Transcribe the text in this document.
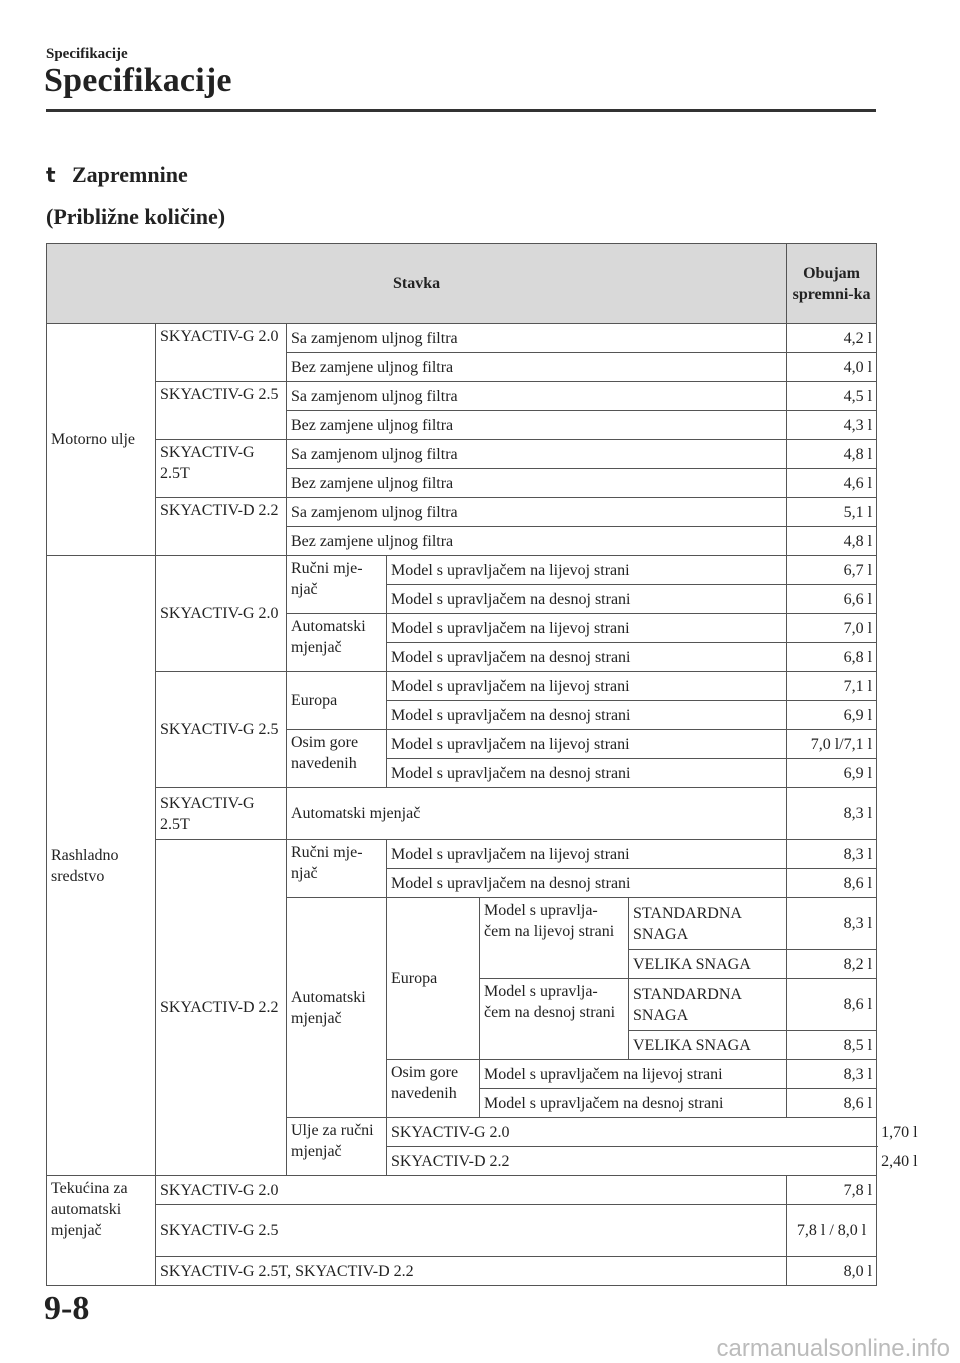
Specifikacije
Specifikacije
t Zapremnine
(Približne količine)
Stavka						Obujam spremni-ka	
Motorno ulje	SKYACTIV-G 2.0	Sa zamjenom uljnog filtra				4,2 l	
		Bez zamjene uljnog filtra				4,0 l	
	SKYACTIV-G 2.5	Sa zamjenom uljnog filtra				4,5 l	
		Bez zamjene uljnog filtra				4,3 l	
	SKYACTIV-G 2.5T	Sa zamjenom uljnog filtra				4,8 l	
		Bez zamjene uljnog filtra				4,6 l	
	SKYACTIV-D 2.2	Sa zamjenom uljnog filtra				5,1 l	
		Bez zamjene uljnog filtra				4,8 l	
Rashladno sredstvo	SKYACTIV-G 2.0	Ručni mje-njač	Model s upravljačem na lijevoj strani			6,7 l	
			Model s upravljačem na desnoj strani			6,6 l	
		Automatski mjenjač	Model s upravljačem na lijevoj strani			7,0 l	
			Model s upravljačem na desnoj strani			6,8 l	
	SKYACTIV-G 2.5	Europa	Model s upravljačem na lijevoj strani			7,1 l	
			Model s upravljačem na desnoj strani			6,9 l	
		Osim gore navedenih	Model s upravljačem na lijevoj strani			7,0 l/7,1 l	
			Model s upravljačem na desnoj strani			6,9 l	
	SKYACTIV-G 2.5T	Automatski mjenjač				8,3 l	
	SKYACTIV-D 2.2	Ručni mje-njač	Model s upravljačem na lijevoj strani			8,3 l	
			Model s upravljačem na desnoj strani			8,6 l	
		Automatski mjenjač	Europa	Model s upravlja-čem na lijevoj strani	STANDARDNA SNAGA	8,3 l	
					VELIKA SNAGA	8,2 l	
				Model s upravlja-čem na desnoj strani	STANDARDNA SNAGA	8,6 l	
					VELIKA SNAGA	8,5 l	
			Osim gore navedenih	Model s upravljačem na lijevoj strani		8,3 l	
				Model s upravljačem na desnoj strani		8,6 l	
		Ulje za ručni mjenjač	SKYACTIV-G 2.0				1,70 l
			SKYACTIV-D 2.2				2,40 l
Tekućina za automatski mjenjač	SKYACTIV-G 2.0					7,8 l	
	SKYACTIV-G 2.5					7,8 l / 8,0 l	
	SKYACTIV-G 2.5T, SKYACTIV-D 2.2					8,0 l	
9-8
carmanualsonline.info
